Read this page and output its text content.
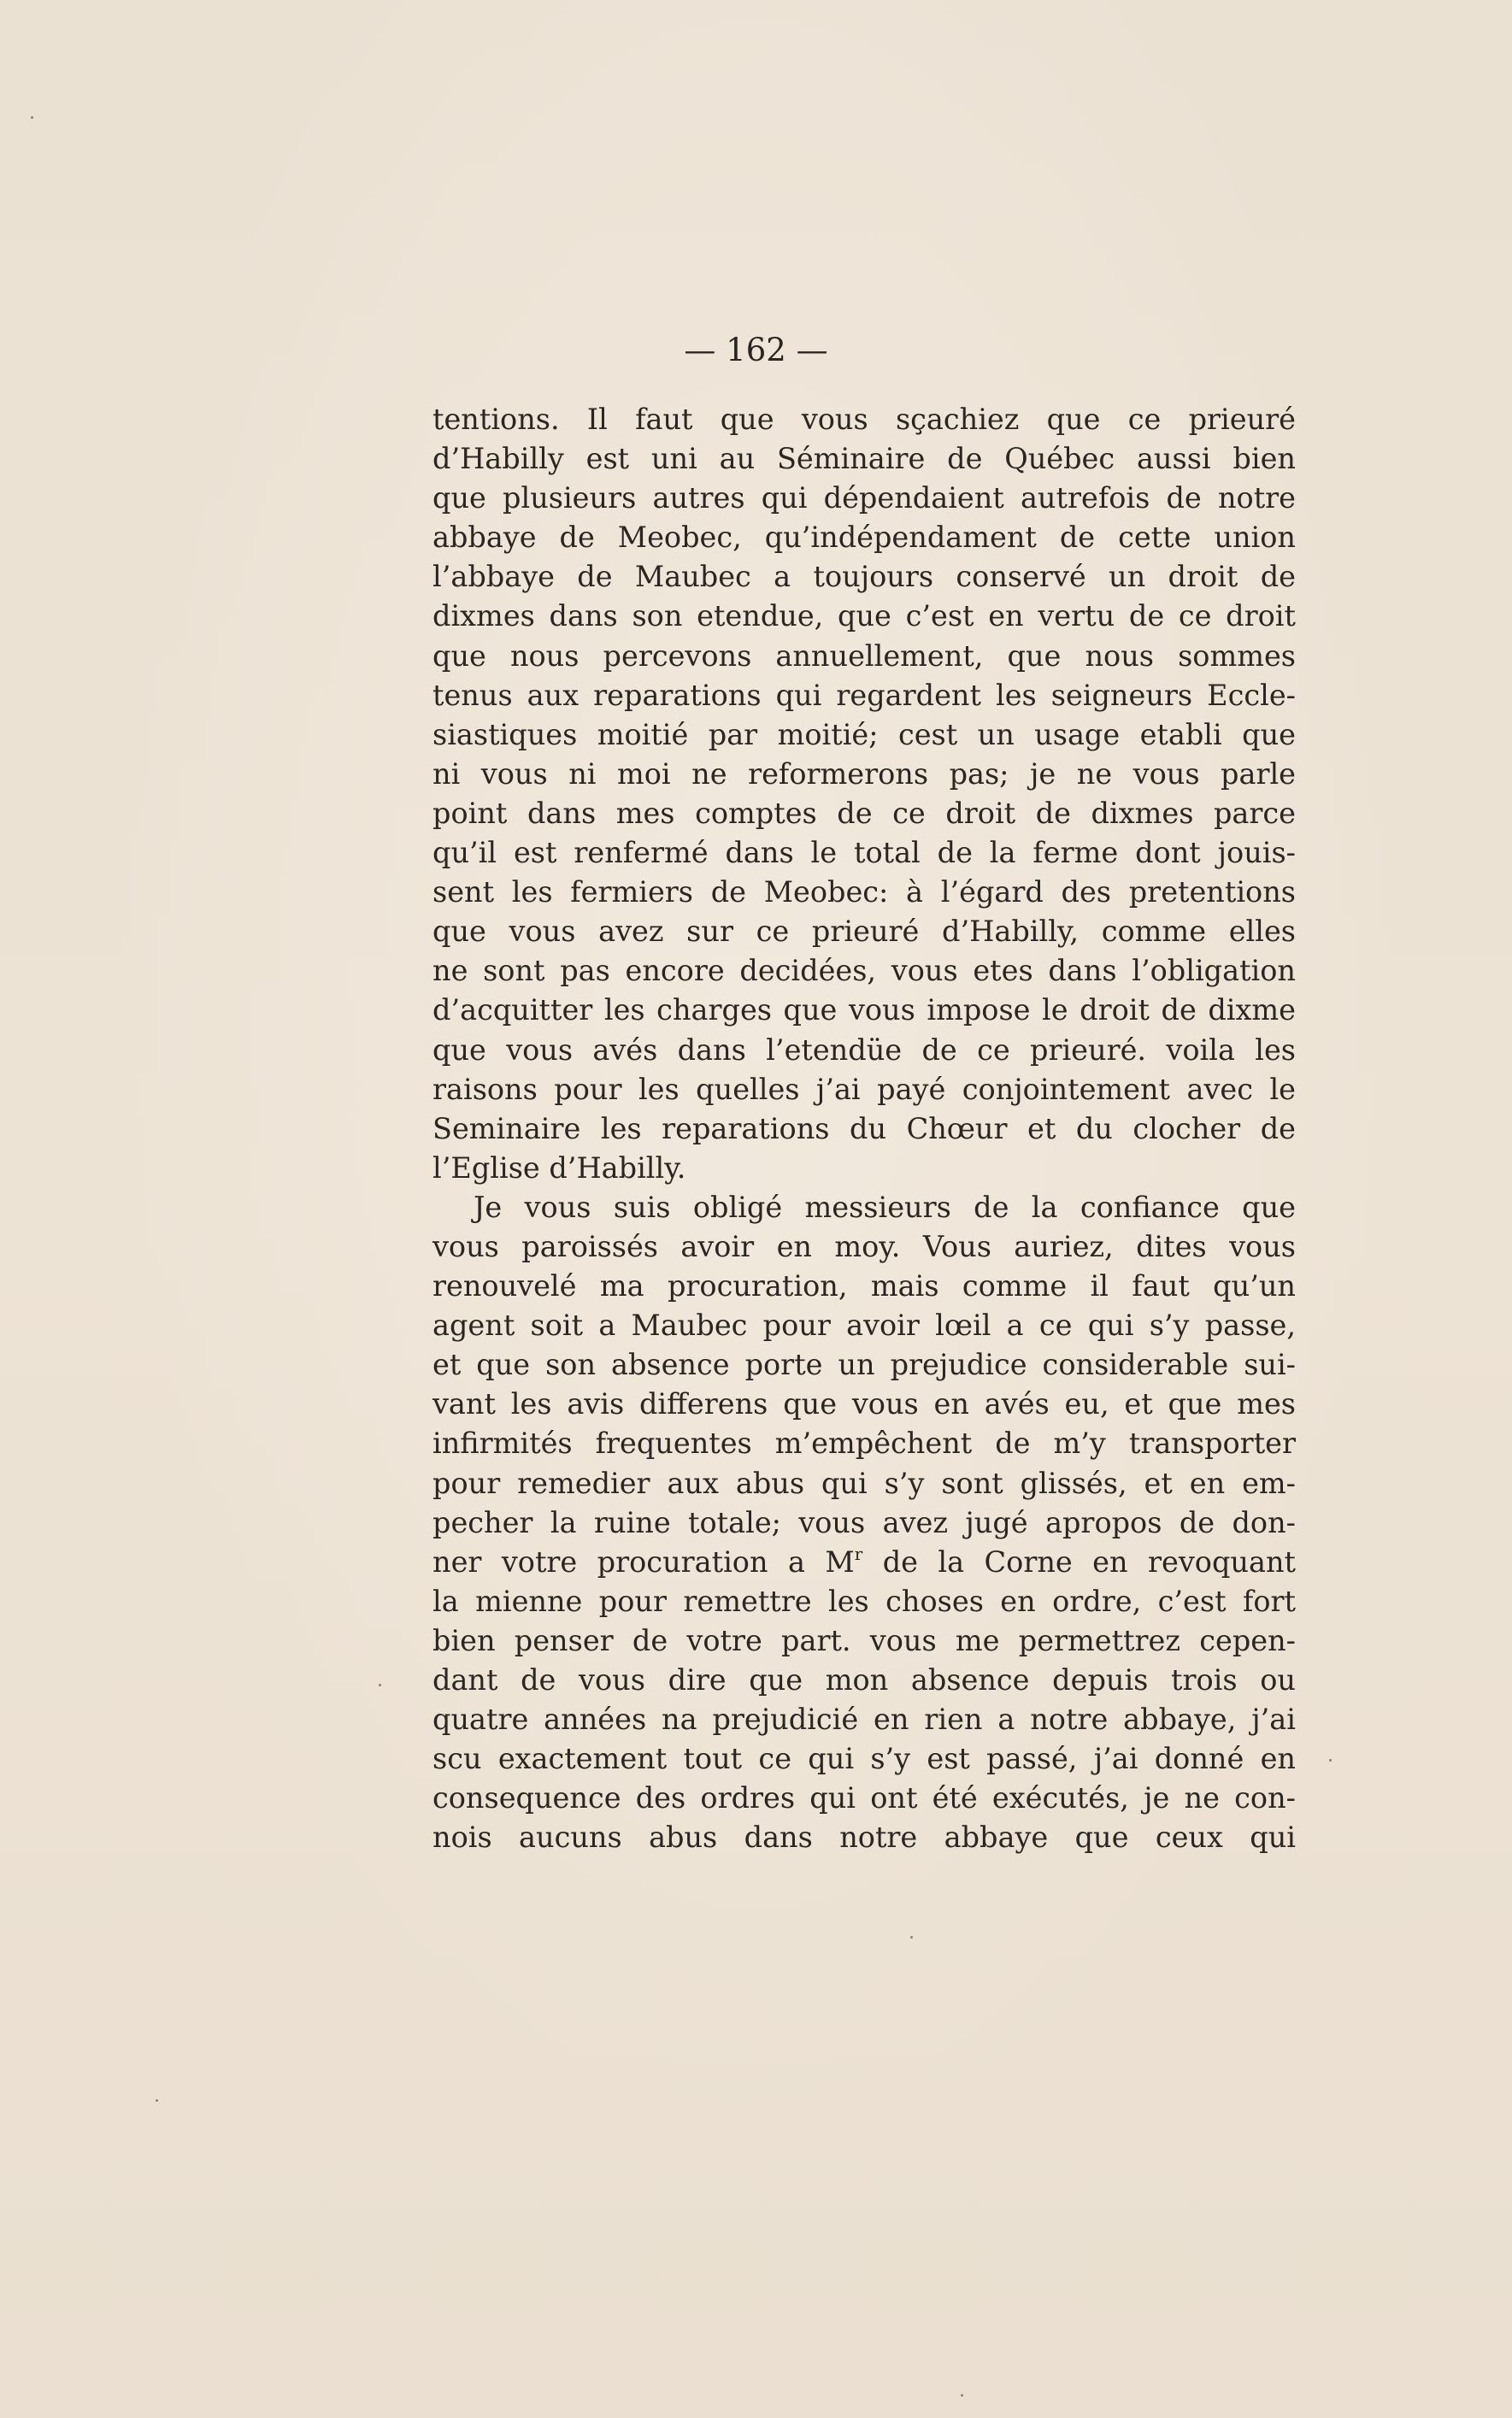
— 162 —
tentions. Il faut que vous sçachiez que ce prieuré
d’Habilly est uni au Séminaire de Québec aussi bien
que plusieurs autres qui dépendaient autrefois de notre
abbaye de Meobec, qu’indépendament de cette union
l’abbaye de Maubec a toujours conservé un droit de
dixmes dans son etendue, que c’est en vertu de ce droit
que nous percevons annuellement, que nous sommes
tenus aux reparations qui regardent les seigneurs Eccle-
siastiques moitié par moitié; cest un usage etabli que
ni vous ni moi ne reformerons pas; je ne vous parle
point dans mes comptes de ce droit de dixmes parce
qu’il est renfermé dans le total de la ferme dont jouis-
sent les fermiers de Meobec: à l’égard des pretentions
que vous avez sur ce prieuré d’Habilly, comme elles
ne sont pas encore decidées, vous etes dans l’obligation
d’acquitter les charges que vous impose le droit de dixme
que vous avés dans l’etendüe de ce prieuré. voila les
raisons pour les quelles j’ai payé conjointement avec le
Seminaire les reparations du Chœur et du clocher de
l’Eglise d’Habilly.
Je vous suis obligé messieurs de la confiance que
vous paroissés avoir en moy. Vous auriez, dites vous
renouvelé ma procuration, mais comme il faut qu’un
agent soit a Maubec pour avoir lœil a ce qui s’y passe,
et que son absence porte un prejudice considerable sui-
vant les avis differens que vous en avés eu, et que mes
infirmités frequentes m’empêchent de m’y transporter
pour remedier aux abus qui s’y sont glissés, et en em-
pecher la ruine totale; vous avez jugé apropos de don-
ner votre procuration a $M^r$ de la Corne en revoquant
la mienne pour remettre les choses en ordre, c’est fort
bien penser de votre part. vous me permettrez cepen-
dant de vous dire que mon absence depuis trois ou
quatre années na prejudicié en rien a notre abbaye, j’ai
scu exactement tout ce qui s’y est passé, j’ai donné en
consequence des ordres qui ont été exécutés, je ne con-
nois aucuns abus dans notre abbaye que ceux qui
